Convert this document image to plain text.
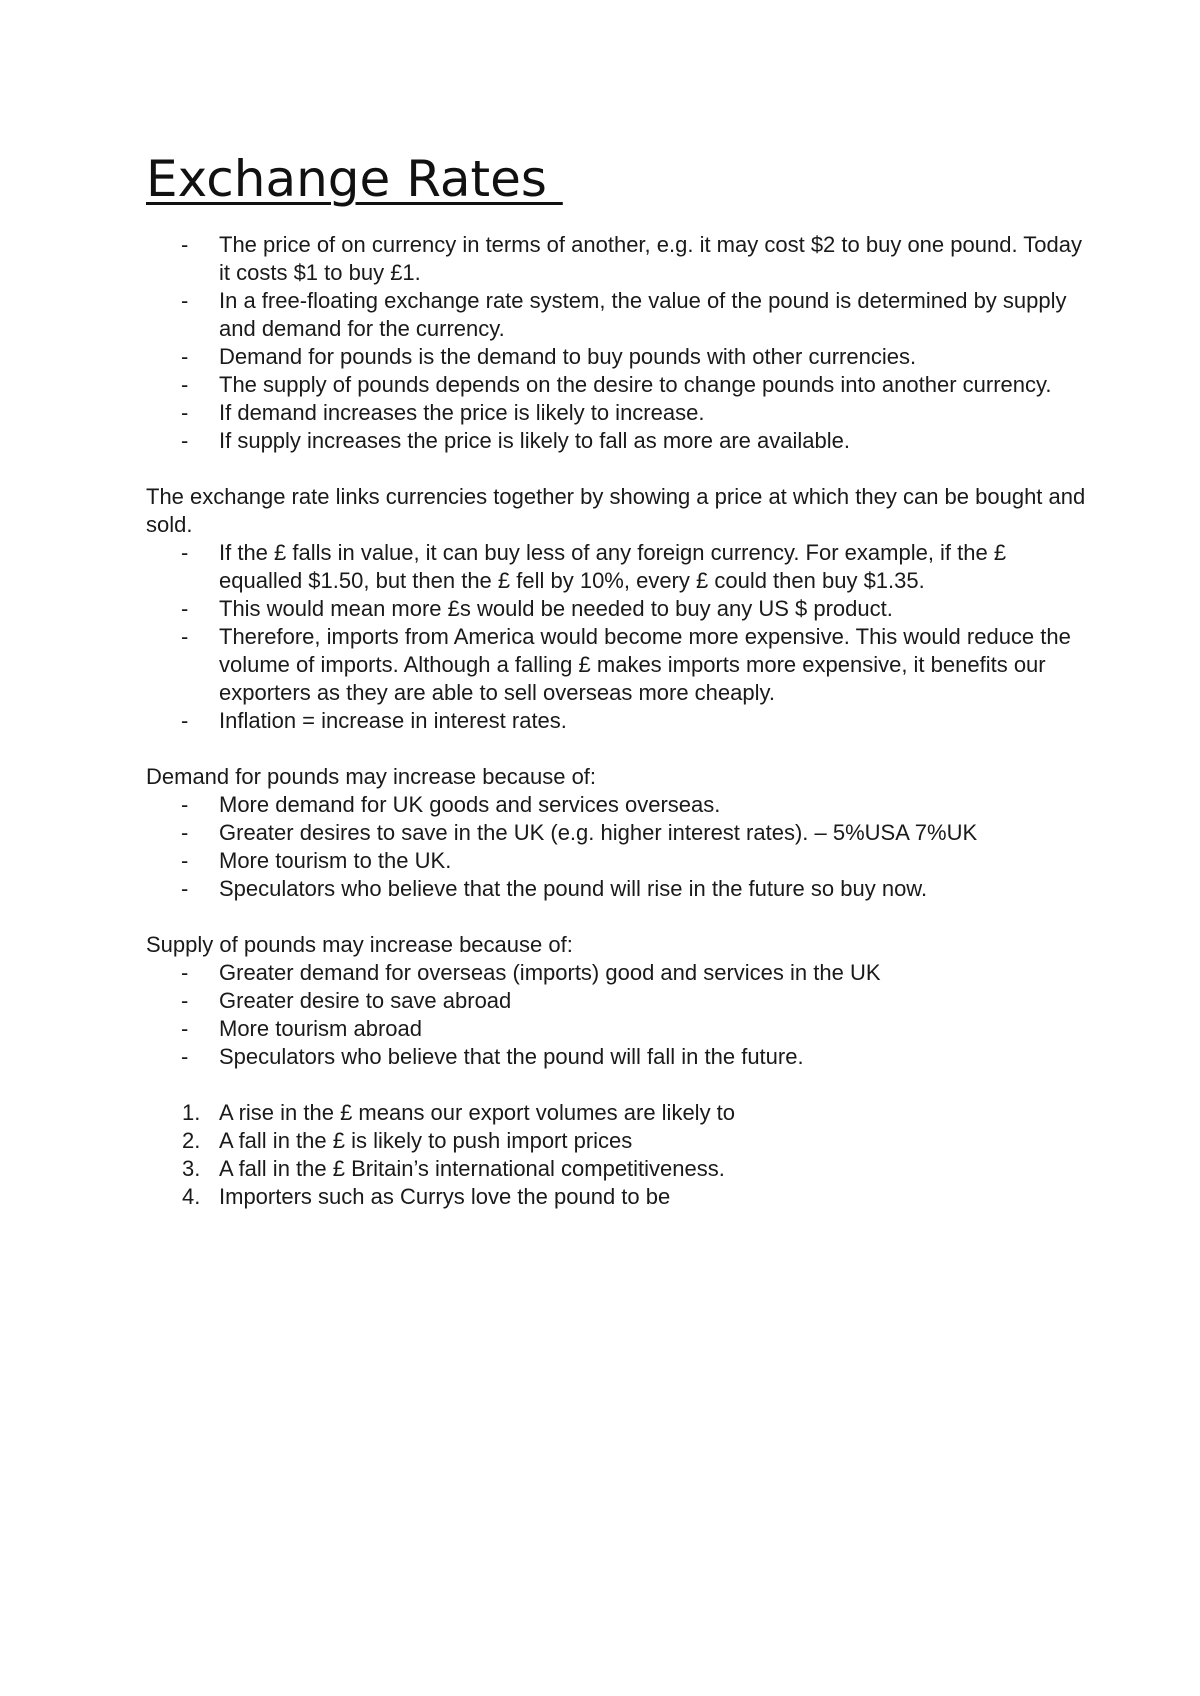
Exchange Rates
- The price of on currency in terms of another, e.g. it may cost $2 to buy one pound. Today it costs $1 to buy £1.
- In a free-floating exchange rate system, the value of the pound is determined by supply and demand for the currency.
- Demand for pounds is the demand to buy pounds with other currencies.
- The supply of pounds depends on the desire to change pounds into another currency.
- If demand increases the price is likely to increase.
- If supply increases the price is likely to fall as more are available.

The exchange rate links currencies together by showing a price at which they can be bought and sold.

- If the £ falls in value, it can buy less of any foreign currency. For example, if the £ equalled $1.50, but then the £ fell by 10%, every £ could then buy $1.35.
- This would mean more £s would be needed to buy any US $ product.
- Therefore, imports from America would become more expensive. This would reduce the volume of imports. Although a falling £ makes imports more expensive, it benefits our exporters as they are able to sell overseas more cheaply.
- Inflation = increase in interest rates.

Demand for pounds may increase because of:

- More demand for UK goods and services overseas.
- Greater desires to save in the UK (e.g. higher interest rates). – 5%USA 7%UK
- More tourism to the UK.
- Speculators who believe that the pound will rise in the future so buy now.

Supply of pounds may increase because of:

- Greater demand for overseas (imports) good and services in the UK
- Greater desire to save abroad
- More tourism abroad
- Speculators who believe that the pound will fall in the future.
1. A rise in the £ means our export volumes are likely to
2. A fall in the £ is likely to push import prices
3. A fall in the £ Britain’s international competitiveness.
4. Importers such as Currys love the pound to be
